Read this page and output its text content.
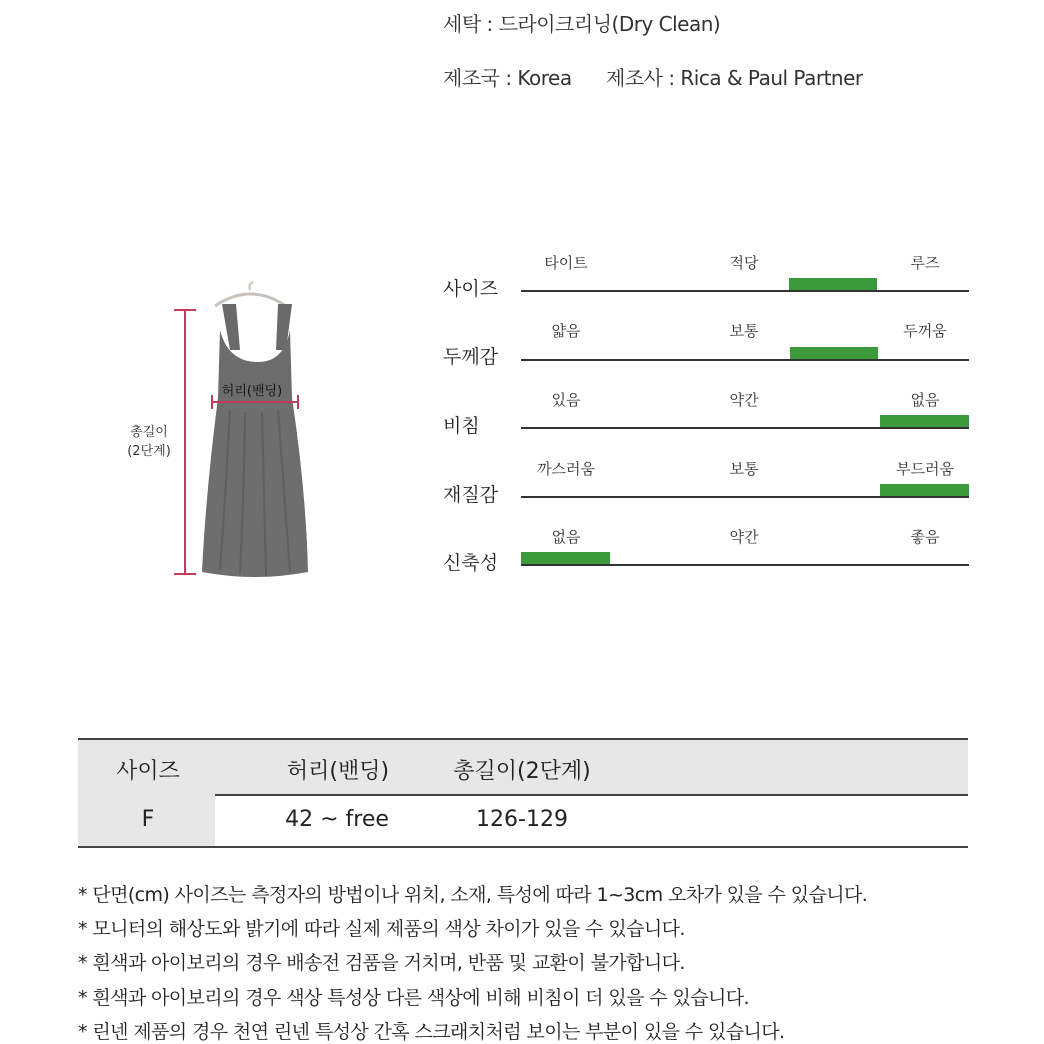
세탁 : 드라이크리닝(Dry Clean)
제조국 : Korea 제조사 : Rica & Paul Partner
허리(밴딩)
총길이
(2단계)
사이즈
타이트	적당	루즈
두께감
얇음	보통	두꺼움
비침
있음	약간	없음
재질감
까스러움	보통	부드러움
신축성
없음	약간	좋음
사이즈	허리(밴딩)	총길이(2단계)
F	42 ~ free	126-129
* 단면(cm) 사이즈는 측정자의 방법이나 위치, 소재, 특성에 따라 1~3cm 오차가 있을 수 있습니다.
* 모니터의 해상도와 밝기에 따라 실제 제품의 색상 차이가 있을 수 있습니다.
* 흰색과 아이보리의 경우 배송전 검품을 거치며, 반품 및 교환이 불가합니다.
* 흰색과 아이보리의 경우 색상 특성상 다른 색상에 비해 비침이 더 있을 수 있습니다.
* 린넨 제품의 경우 천연 린넨 특성상 간혹 스크래치처럼 보이는 부분이 있을 수 있습니다.
